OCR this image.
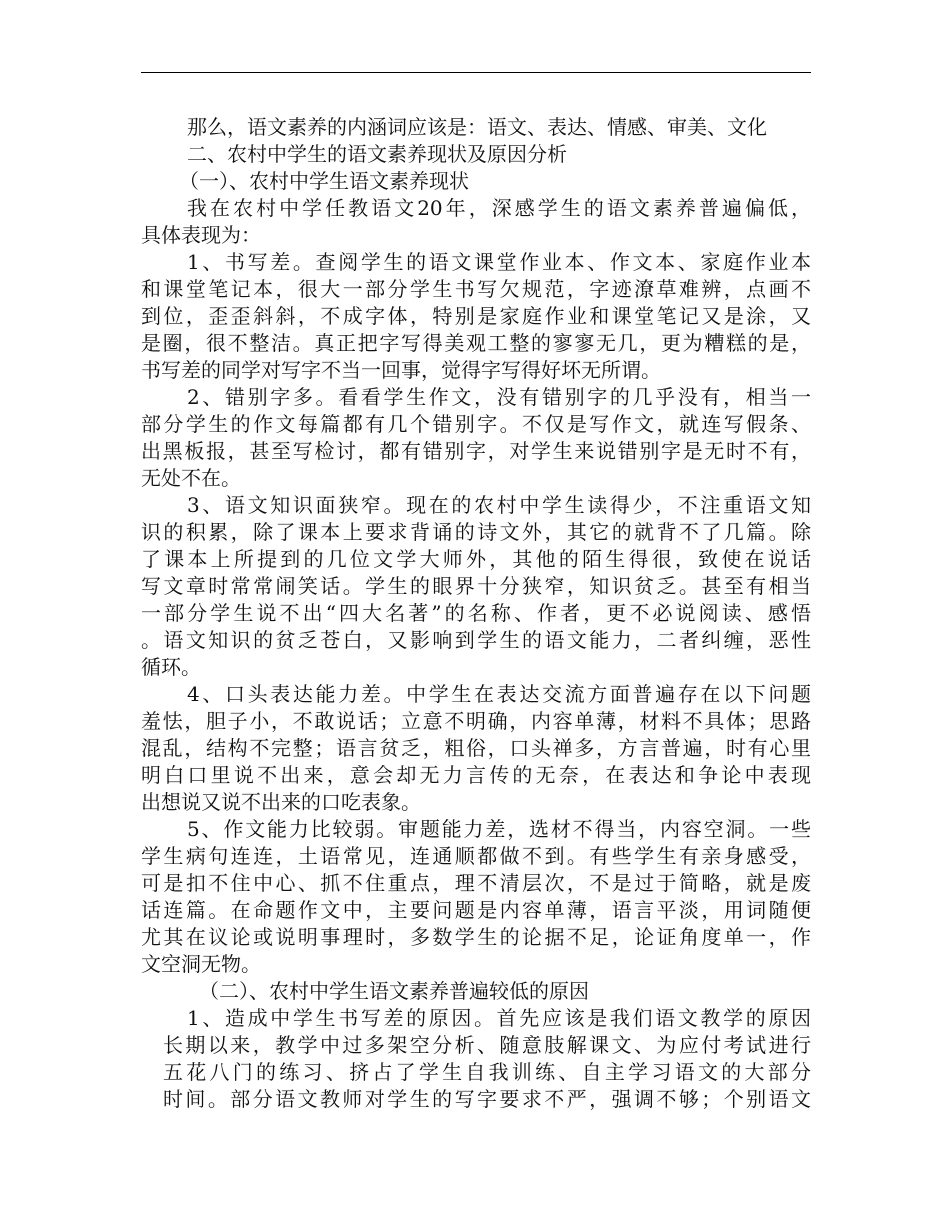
那么，语文素养的内涵词应该是：语文、表达、情感、审美、文化
二、农村中学生的语文素养现状及原因分析
（一）、农村中学生语文素养现状
我在农村中学任教语文20年，深感学生的语文素养普遍偏低，
具体表现为：
1、书写差。查阅学生的语文课堂作业本、作文本、家庭作业本
和课堂笔记本，很大一部分学生书写欠规范，字迹潦草难辨，点画不
到位，歪歪斜斜，不成字体，特别是家庭作业和课堂笔记又是涂，又
是圈，很不整洁。真正把字写得美观工整的寥寥无几，更为糟糕的是，
书写差的同学对写字不当一回事，觉得字写得好坏无所谓。
2、错别字多。看看学生作文，没有错别字的几乎没有，相当一
部分学生的作文每篇都有几个错别字。不仅是写作文，就连写假条、
出黑板报，甚至写检讨，都有错别字，对学生来说错别字是无时不有，
无处不在。
3、语文知识面狭窄。现在的农村中学生读得少，不注重语文知
识的积累，除了课本上要求背诵的诗文外，其它的就背不了几篇。除
了课本上所提到的几位文学大师外，其他的陌生得很，致使在说话
写文章时常常闹笑话。学生的眼界十分狭窄，知识贫乏。甚至有相当
一部分学生说不出“四大名著”的名称、作者，更不必说阅读、感悟
。语文知识的贫乏苍白，又影响到学生的语文能力，二者纠缠，恶性
循环。
4、口头表达能力差。中学生在表达交流方面普遍存在以下问题
羞怯，胆子小，不敢说话；立意不明确，内容单薄，材料不具体；思路
混乱，结构不完整；语言贫乏，粗俗，口头禅多，方言普遍，时有心里
明白口里说不出来，意会却无力言传的无奈，在表达和争论中表现
出想说又说不出来的口吃表象。
5、作文能力比较弱。审题能力差，选材不得当，内容空洞。一些
学生病句连连，土语常见，连通顺都做不到。有些学生有亲身感受，
可是扣不住中心、抓不住重点，理不清层次，不是过于简略，就是废
话连篇。在命题作文中，主要问题是内容单薄，语言平淡，用词随便
尤其在议论或说明事理时，多数学生的论据不足，论证角度单一，作
文空洞无物。
（二）、农村中学生语文素养普遍较低的原因
1、造成中学生书写差的原因。首先应该是我们语文教学的原因
长期以来，教学中过多架空分析、随意肢解课文、为应付考试进行
五花八门的练习、挤占了学生自我训练、自主学习语文的大部分
时间。部分语文教师对学生的写字要求不严，强调不够；个别语文
